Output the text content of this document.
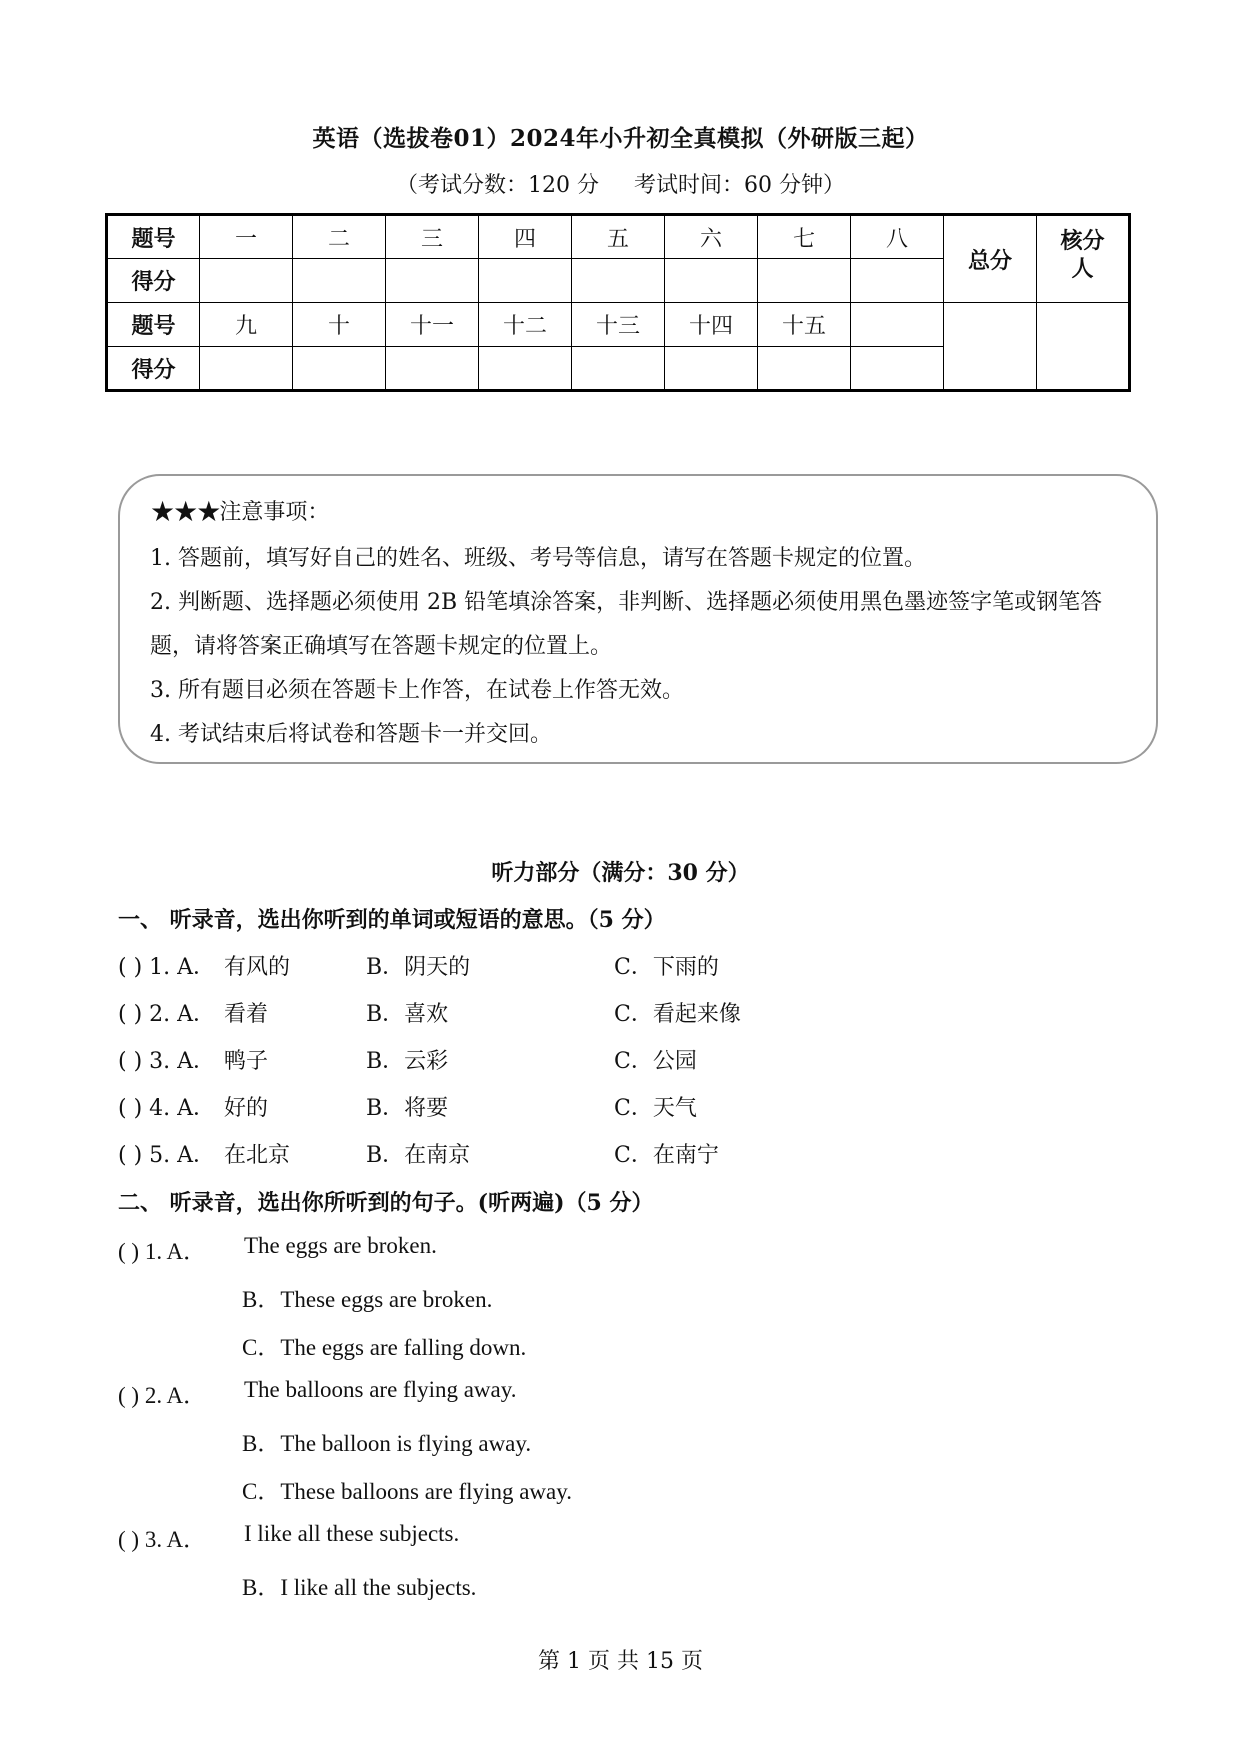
英语（选拔卷01）2024年小升初全真模拟（外研版三起）
（考试分数：120 分 考试时间：60 分钟）
题号	一	二	三	四	五	六	七	八	总分	核分人
得分										
题号	九	十	十一	十二	十三	十四	十五			
得分										
★★★注意事项：

1. 答题前，填写好自己的姓名、班级、考号等信息，请写在答题卡规定的位置。

2. 判断题、选择题必须使用 2B 铅笔填涂答案，非判断、选择题必须使用黑色墨迹签字笔或钢笔答题，请将答案正确填写在答题卡规定的位置上。

3. 所有题目必须在答题卡上作答，在试卷上作答无效。

4. 考试结束后将试卷和答题卡一并交回。

听力部分（满分：30 分）
一、 听录音，选出你听到的单词或短语的意思。（5 分）
( ) 1. A． 有风的	B．阴天的	C．下雨的
( ) 2. A． 看着	B．喜欢	C．看起来像
( ) 3. A． 鸭子	B．云彩	C．公园
( ) 4. A． 好的	B．将要	C．天气
( ) 5. A． 在北京	B．在南京	C．在南宁
二、 听录音，选出你所听到的句子。(听两遍)（5 分）
( ) 1. A． The eggs are broken.
B．These eggs are broken.
C．The eggs are falling down.
( ) 2. A． The balloons are flying away.
B．The balloon is flying away.
C．These balloons are flying away.
( ) 3. A． I like all these subjects.
B．I like all the subjects.
第 1 页 共 15 页
